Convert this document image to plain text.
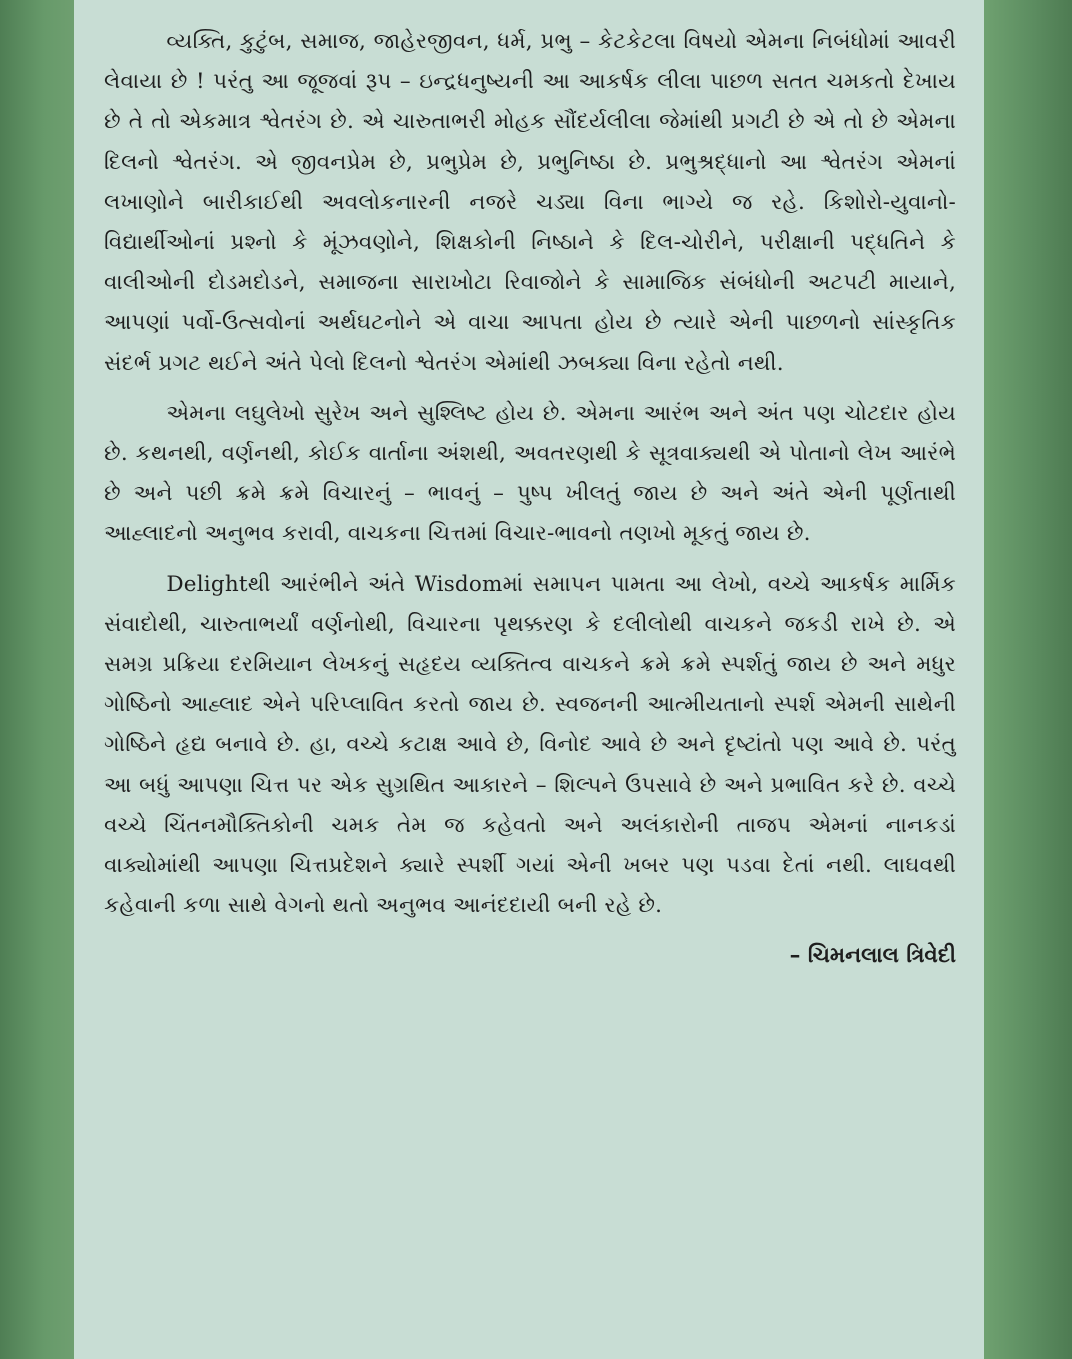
વ્યક્તિ, કુટુંબ, સમાજ, જાહેરજીવન, ધર્મ, પ્રભુ – કેટકેટલા વિષયો એમના નિબંધોમાં આવરી લેવાયા છે ! પરંતુ આ જૂજવાં રૂપ – ઇન્દ્રધનુષ્યની આ આકર્ષક લીલા પાછળ સતત ચમકતો દેખાય છે તે તો એકમાત્ર શ્વેતરંગ છે. એ ચારુતાભરી મોહક સૌંદર્યલીલા જેમાંથી પ્રગટી છે એ તો છે એમના દિલનો શ્વેતરંગ. એ જીવનપ્રેમ છે, પ્રભુપ્રેમ છે, પ્રભુનિષ્ઠા છે. પ્રભુશ્રદ્ધાનો આ શ્વેતરંગ એમનાં લખાણોને બારીકાઈથી અવલોકનારની નજરે ચડ્યા વિના ભાગ્યે જ રહે. કિશોરો-યુવાનો-વિદ્યાર્થીઓનાં પ્રશ્નો કે મૂંઝવણોને, શિક્ષકોની નિષ્ઠાને કે દિલ-ચોરીને, પરીક્ષાની પદ્ધતિને કે વાલીઓની દોડમદોડને, સમાજના સારાખોટા રિવાજોને કે સામાજિક સંબંધોની અટપટી માયાને, આપણાં પર્વો-ઉત્સવોનાં અર્થઘટનોને એ વાચા આપતા હોય છે ત્યારે એની પાછળનો સાંસ્કૃતિક સંદર્ભ પ્રગટ થઈને અંતે પેલો દિલનો શ્વેતરંગ એમાંથી ઝબક્યા વિના રહેતો નથી.

એમના લઘુલેખો સુરેખ અને સુશ્લિષ્ટ હોય છે. એમના આરંભ અને અંત પણ ચોટદાર હોય છે. કથનથી, વર્ણનથી, કોઈક વાર્તાના અંશથી, અવતરણથી કે સૂત્રવાક્યથી એ પોતાનો લેખ આરંભે છે અને પછી ક્રમે ક્રમે વિચારનું – ભાવનું – પુષ્પ ખીલતું જાય છે અને અંતે એની પૂર્ણતાથી આહ્લાદનો અનુભવ કરાવી, વાચકના ચિત્તમાં વિચાર-ભાવનો તણખો મૂકતું જાય છે.

Delightથી આરંભીને અંતે Wisdomમાં સમાપન પામતા આ લેખો, વચ્ચે આકર્ષક માર્મિક સંવાદોથી, ચારુતાભર્યાં વર્ણનોથી, વિચારના પૃથક્કરણ કે દલીલોથી વાચકને જકડી રાખે છે. એ સમગ્ર પ્રક્રિયા દરમિયાન લેખકનું સહૃદય વ્યક્તિત્વ વાચકને ક્રમે ક્રમે સ્પર્શતું જાય છે અને મધુર ગોષ્ઠિનો આહ્લાદ એને પરિપ્લાવિત કરતો જાય છે. સ્વજનની આત્મીયતાનો સ્પર્શ એમની સાથેની ગોષ્ઠિને હૃદ્ય બનાવે છે. હા, વચ્ચે કટાક્ષ આવે છે, વિનોદ આવે છે અને દૃષ્ટાંતો પણ આવે છે. પરંતુ આ બધું આપણા ચિત્ત પર એક સુગ્રથિત આકારને – શિલ્પને ઉપસાવે છે અને પ્રભાવિત કરે છે. વચ્ચે વચ્ચે ચિંતનમૌક્તિકોની ચમક તેમ જ કહેવતો અને અલંકારોની તાજપ એમનાં નાનકડાં વાક્યોમાંથી આપણા ચિત્તપ્રદેશને ક્યારે સ્પર્શી ગયાં એની ખબર પણ પડવા દેતાં નથી. લાઘવથી કહેવાની કળા સાથે વેગનો થતો અનુભવ આનંદદાયી બની રહે છે.

– ચિમનલાલ ત્રિવેદી
